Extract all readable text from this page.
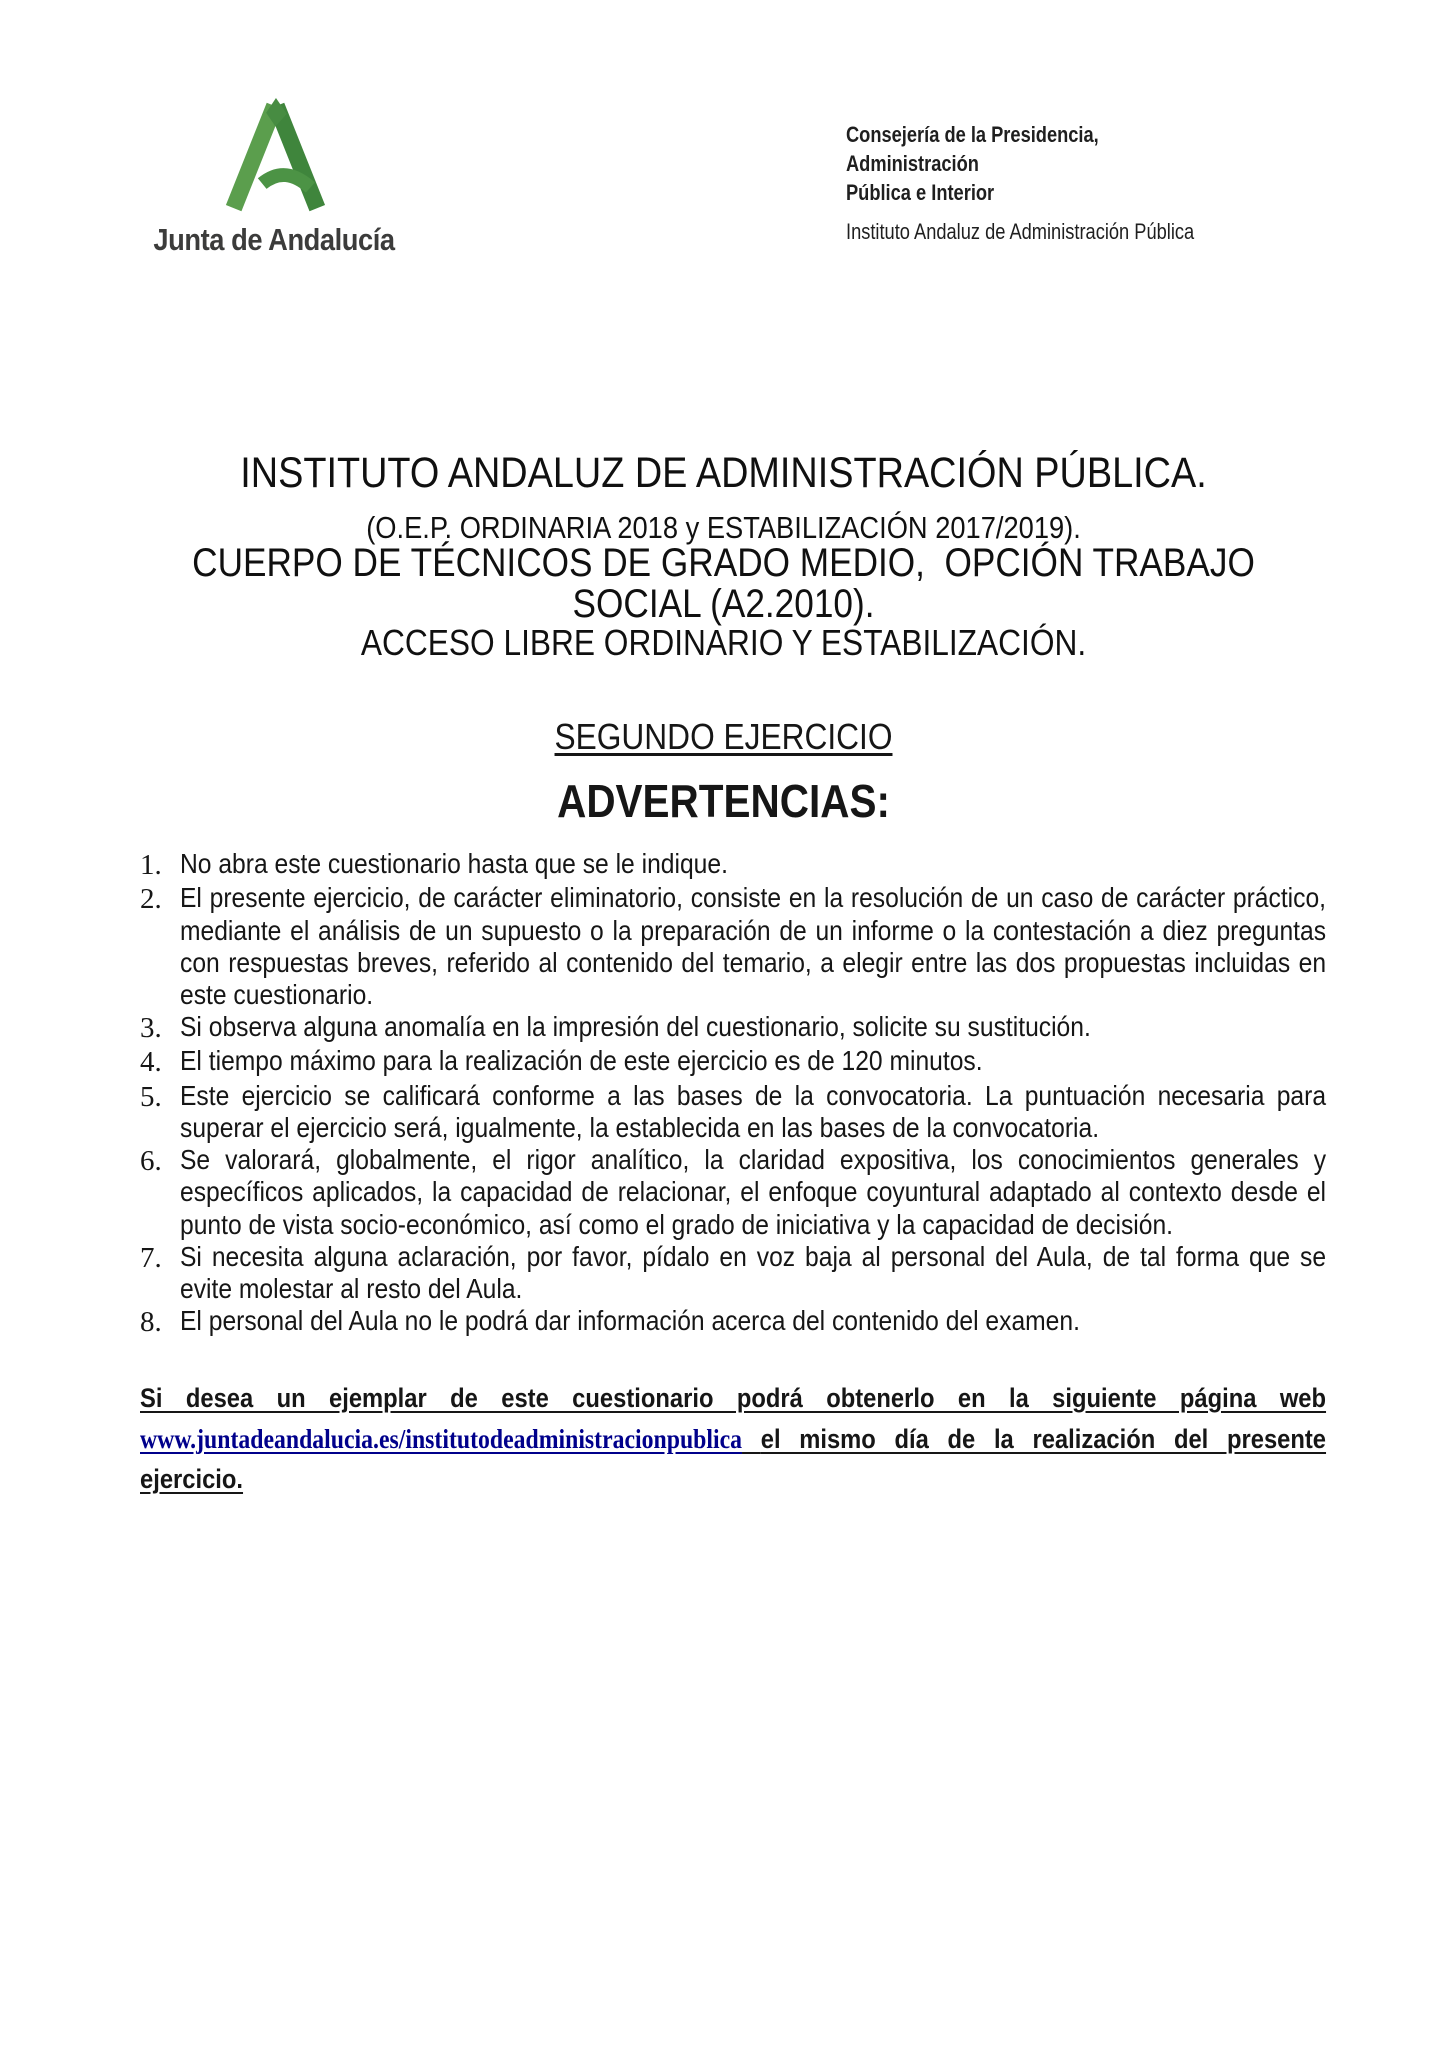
Junta de Andalucía
Consejería de la Presidencia, Administración
Pública e Interior
Instituto Andaluz de Administración Pública
INSTITUTO ANDALUZ DE ADMINISTRACIÓN PÚBLICA.
(O.E.P. ORDINARIA 2018 y ESTABILIZACIÓN 2017/2019).
CUERPO DE TÉCNICOS DE GRADO MEDIO,  OPCIÓN TRABAJO
SOCIAL (A2.2010).
ACCESO LIBRE ORDINARIO Y ESTABILIZACIÓN.
SEGUNDO EJERCICIO
ADVERTENCIAS:
1. No abra este cuestionario hasta que se le indique.
2. El presente ejercicio, de carácter eliminatorio, consiste en la resolución de un caso de carácter práctico, mediante el análisis de un supuesto o la preparación de un informe o la contestación a diez preguntas con respuestas breves, referido al contenido del temario, a elegir entre las dos propuestas incluidas en este cuestionario.
3. Si observa alguna anomalía en la impresión del cuestionario, solicite su sustitución.
4. El tiempo máximo para la realización de este ejercicio es de 120 minutos.
5. Este ejercicio se calificará conforme a las bases de la convocatoria. La puntuación necesaria para superar el ejercicio será, igualmente, la establecida en las bases de la convocatoria.
6. Se valorará, globalmente, el rigor analítico, la claridad expositiva, los conocimientos generales y específicos aplicados, la capacidad de relacionar, el enfoque coyuntural adaptado al contexto desde el punto de vista socio-económico, así como el grado de iniciativa y la capacidad de decisión.
7. Si necesita alguna aclaración, por favor, pídalo en voz baja al personal del Aula, de tal forma que se evite molestar al resto del Aula.
8. El personal del Aula no le podrá dar información acerca del contenido del examen.

Si desea un ejemplar de este cuestionario podrá obtenerlo en la siguiente página web www.juntadeandalucia.es/institutodeadministracionpublica el mismo día de la realización del presente ejercicio.
